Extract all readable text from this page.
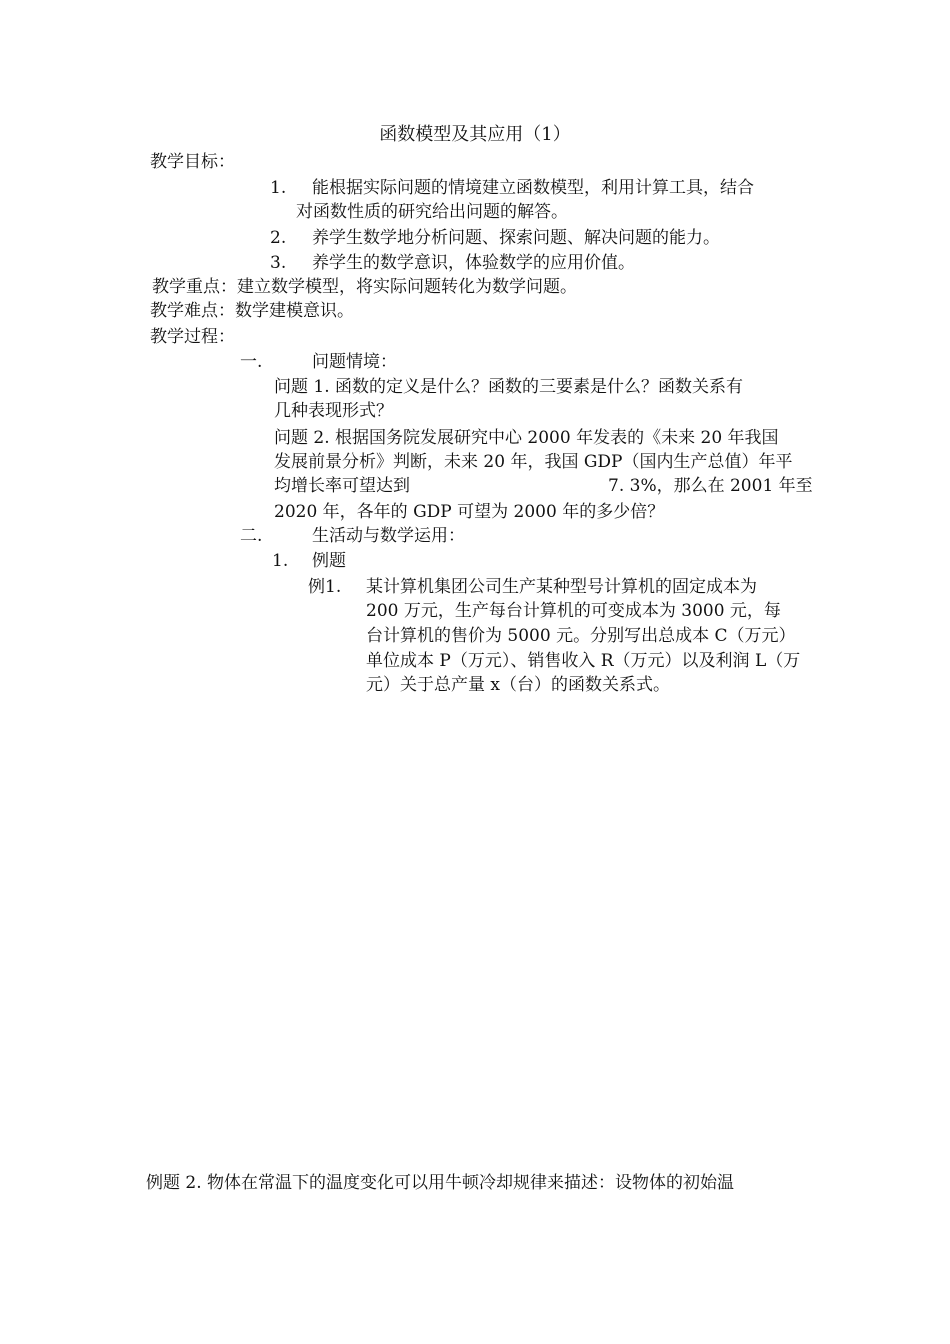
函数模型及其应用（1）
教学目标：
1. 能根据实际问题的情境建立函数模型，利用计算工具，结合
对函数性质的研究给出问题的解答。
2. 养学生数学地分析问题、探索问题、解决问题的能力。
3. 养学生的数学意识，体验数学的应用价值。
教学重点：建立数学模型，将实际问题转化为数学问题。
教学难点：数学建模意识。
教学过程：
一.	问题情境：
问题 1. 函数的定义是什么？函数的三要素是什么？函数关系有
几种表现形式？
问题 2. 根据国务院发展研究中心 2000 年发表的《未来 20 年我国
发展前景分析》判断，未来 20 年，我国 GDP（国内生产总值）年平
均增长率可望达到	7. 3%，那么在 2001 年至
2020 年，各年的 GDP 可望为 2000 年的多少倍？
二.	生活动与数学运用：
1. 例题
例1. 某计算机集团公司生产某种型号计算机的固定成本为
200 万元，生产每台计算机的可变成本为 3000 元，每
台计算机的售价为 5000 元。分别写出总成本 C（万元）
单位成本 P（万元）、销售收入 R（万元）以及利润 L（万
元）关于总产量 x（台）的函数关系式。
例题 2. 物体在常温下的温度变化可以用牛顿冷却规律来描述：设物体的初始温
